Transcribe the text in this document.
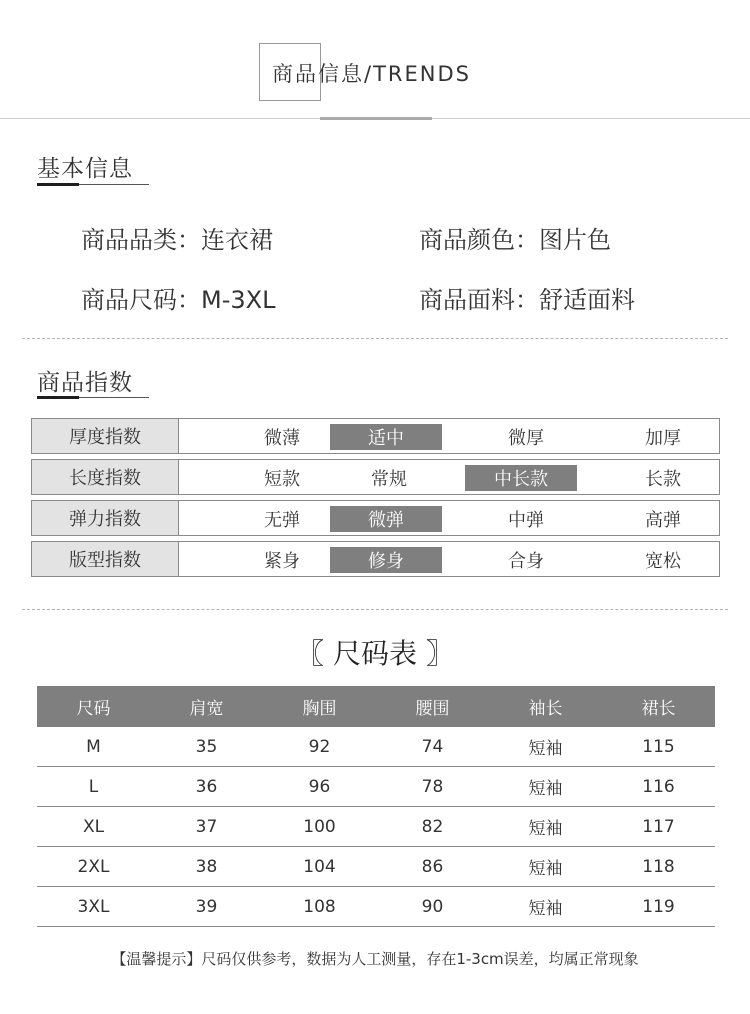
商品信息/TRENDS
基本信息
商品品类：连衣裙	商品颜色：图片色
商品尺码：M-3XL	商品面料：舒适面料
商品指数
厚度指数	微薄	适中	微厚	加厚
长度指数	短款	常规	中长款	长款
弹力指数	无弹	微弹	中弹	高弹
版型指数	紧身	修身	合身	宽松
〖 尺码表 〗
尺码	肩宽	胸围	腰围	袖长	裙长
M	35	92	74	短袖	115
L	36	96	78	短袖	116
XL	37	100	82	短袖	117
2XL	38	104	86	短袖	118
3XL	39	108	90	短袖	119
【温馨提示】尺码仅供参考，数据为人工测量，存在1-3cm误差，均属正常现象
